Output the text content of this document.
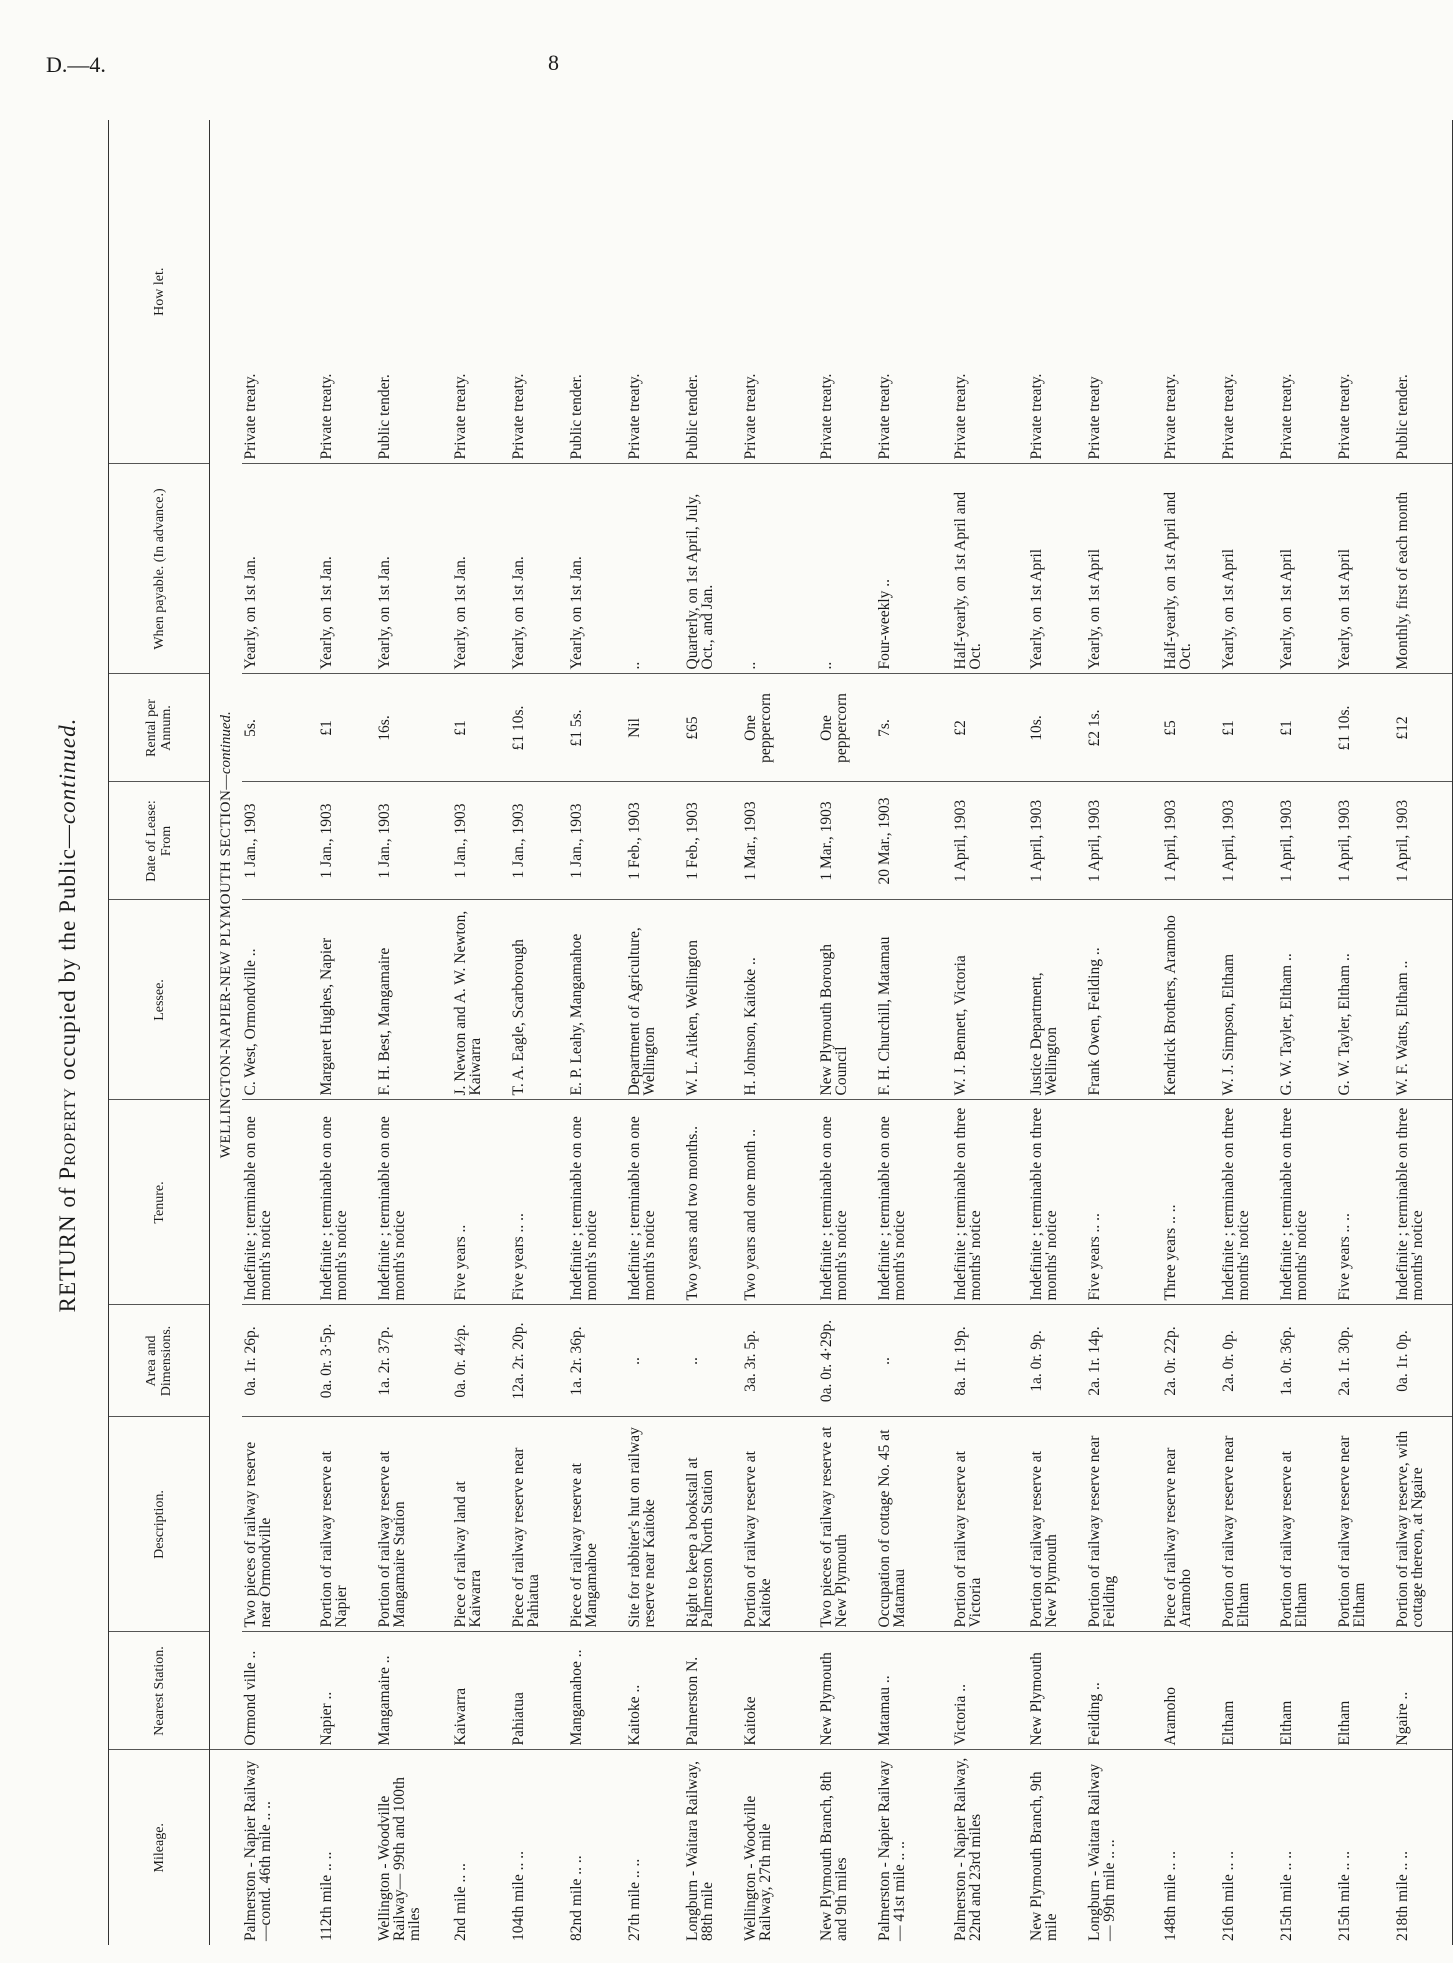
D.—4.	8
RETURN of Property occupied by the Public—continued.
Mileage.	Nearest Station.	Description.	Area and Dimensions.	Tenure.	Lessee.	Date of Lease: From	Rental per Annum.	When payable. (In advance.)	How let.
	WELLINGTON-NAPIER-NEW PLYMOUTH SECTION—continued.								
Palmerston - Napier Railway—contd. 46th mile .. ..	Ormond ville ..	Two pieces of railway reserve near Ormondville	0a. 1r. 26p.	Indefinite ; terminable on one month's notice	C. West, Ormondville ..	1 Jan., 1903	5s.	Yearly, on 1st Jan.	Private treaty.
112th mile .. ..	Napier ..	Portion of railway reserve at Napier	0a. 0r. 3·5p.	Indefinite ; terminable on one month's notice	Margaret Hughes, Napier	1 Jan., 1903	£1	Yearly, on 1st Jan.	Private treaty.
Wellington - Woodville Railway— 99th and 100th miles	Mangamaire ..	Portion of railway reserve at Mangamaire Station	1a. 2r. 37p.	Indefinite ; terminable on one month's notice	F. H. Best, Mangamaire	1 Jan., 1903	16s.	Yearly, on 1st Jan.	Public tender.
2nd mile .. ..	Kaiwarra	Piece of railway land at Kaiwarra	0a. 0r. 4½p.	Five years ..	J. Newton and A. W. Newton, Kaiwarra	1 Jan., 1903	£1	Yearly, on 1st Jan.	Private treaty.
104th mile .. ..	Pahiatua	Piece of railway reserve near Pahiatua	12a. 2r. 20p.	Five years .. ..	T. A. Eagle, Scarborough	1 Jan., 1903	£1 10s.	Yearly, on 1st Jan.	Private treaty.
82nd mile .. ..	Mangamahoe ..	Piece of railway reserve at Mangamahoe	1a. 2r. 36p.	Indefinite ; terminable on one month's notice	E. P. Leahy, Mangamahoe	1 Jan., 1903	£1 5s.	Yearly, on 1st Jan.	Public tender.
27th mile .. ..	Kaitoke ..	Site for rabbiter's hut on railway reserve near Kaitoke	..	Indefinite ; terminable on one month's notice	Department of Agriculture, Wellington	1 Feb., 1903	Nil	..	Private treaty.
Longburn - Waitara Railway, 88th mile	Palmerston N.	Right to keep a bookstall at Palmerston North Station	..	Two years and two months..	W. L. Aitken, Wellington	1 Feb., 1903	£65	Quarterly, on 1st April, July, Oct., and Jan.	Public tender.
Wellington - Woodville Railway, 27th mile	Kaitoke	Portion of railway reserve at Kaitoke	3a. 3r. 5p.	Two years and one month ..	H. Johnson, Kaitoke ..	1 Mar., 1903	One peppercorn	..	Private treaty.
New Plymouth Branch, 8th and 9th miles	New Plymouth	Two pieces of railway reserve at New Plymouth	0a. 0r. 4·29p.	Indefinite ; terminable on one month's notice	New Plymouth Borough Council	1 Mar., 1903	One peppercorn	..	Private treaty.
Palmerston - Napier Railway— 41st mile .. ..	Matamau ..	Occupation of cottage No. 45 at Matamau	..	Indefinite ; terminable on one month's notice	F. H. Churchill, Matamau	20 Mar., 1903	7s.	Four-weekly ..	Private treaty.
Palmerston - Napier Railway, 22nd and 23rd miles	Victoria ..	Portion of railway reserve at Victoria	8a. 1r. 19p.	Indefinite ; terminable on three months' notice	W. J. Bennett, Victoria	1 April, 1903	£2	Half-yearly, on 1st April and Oct.	Private treaty.
New Plymouth Branch, 9th mile	New Plymouth	Portion of railway reserve at New Plymouth	1a. 0r. 9p.	Indefinite ; terminable on three months' notice	Justice Department, Wellington	1 April, 1903	10s.	Yearly, on 1st April	Private treaty.
Longburn - Waitara Railway— 99th mile .. ..	Feilding ..	Portion of railway reserve near Feilding	2a. 1r. 14p.	Five years .. ..	Frank Owen, Feilding ..	1 April, 1903	£2 1s.	Yearly, on 1st April	Private treaty
148th mile .. ..	Aramoho	Piece of railway reserve near Aramoho	2a. 0r. 22p.	Three years .. ..	Kendrick Brothers, Aramoho	1 April, 1903	£5	Half-yearly, on 1st April and Oct.	Private treaty.
216th mile .. ..	Eltham	Portion of railway reserve near Eltham	2a. 0r. 0p.	Indefinite ; terminable on three months' notice	W. J. Simpson, Eltham	1 April, 1903	£1	Yearly, on 1st April	Private treaty.
215th mile .. ..	Eltham	Portion of railway reserve at Eltham	1a. 0r. 36p.	Indefinite ; terminable on three months' notice	G. W. Tayler, Eltham ..	1 April, 1903	£1	Yearly, on 1st April	Private treaty.
215th mile .. ..	Eltham	Portion of railway reserve near Eltham	2a. 1r. 30p.	Five years .. ..	G. W. Tayler, Eltham ..	1 April, 1903	£1 10s.	Yearly, on 1st April	Private treaty.
218th mile .. ..	Ngaire ..	Portion of railway reserve, with cottage thereon, at Ngaire	0a. 1r. 0p.	Indefinite ; terminable on three months' notice	W. F. Watts, Eltham ..	1 April, 1903	£12	Monthly, first of each month	Public tender.
